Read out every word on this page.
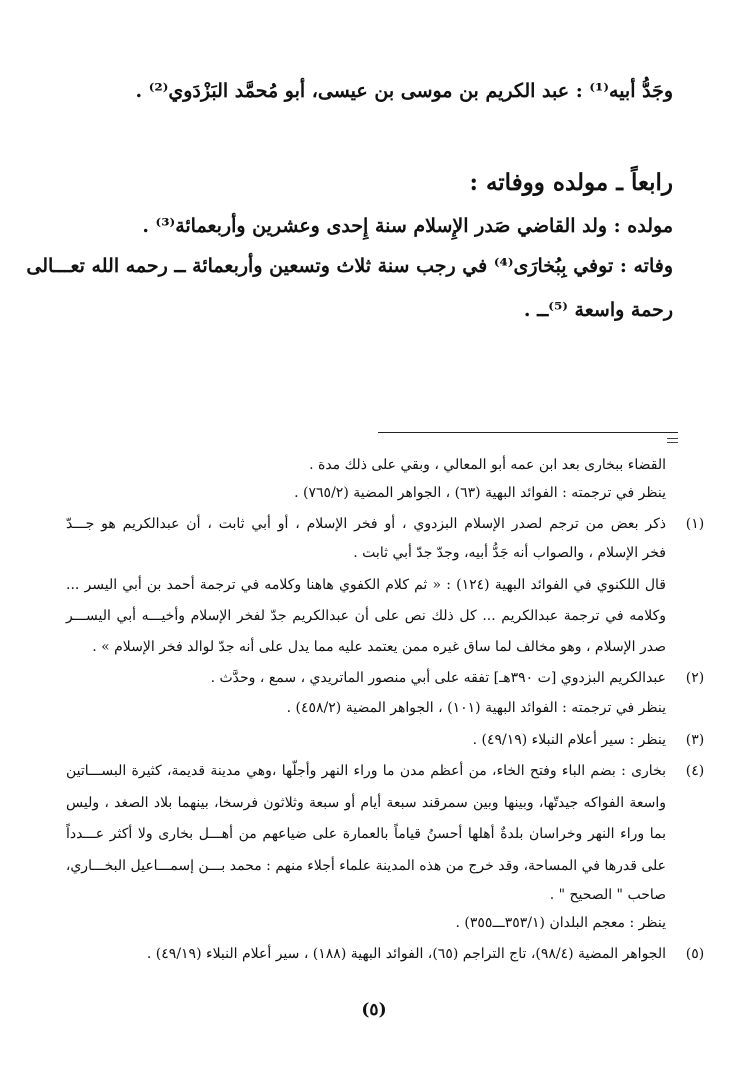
وجَدُّ أبيه⁽¹⁾ : عبد الكريم بن موسى بن عيسى، أبو مُحمَّد البَزْدَوي⁽²⁾ .
رابعاً ـ مولده ووفاته :
مولده : ولد القاضي صَدر الإِسلام سنة إِحدى وعشرين وأربعمائة⁽³⁾ .
وفاته : توفي بِبُخارَى⁽⁴⁾ في رجب سنة ثلاث وتسعين وأربعمائة ــ رحمه الله تعـــالى
رحمة واسعة ⁽⁵⁾ــ .
القضاء ببخارى بعد ابن عمه أبو المعالي ، وبقي على ذلك مدة .
ينظر في ترجمته : الفوائد البهية (٦٣) ، الجواهر المضية (٧٦٥/٢) .
(١)
ذكر بعض من ترجم لصدر الإسلام البزدوي ، أو فخر الإسلام ، أو أبي ثابت ، أن عبدالكريم هو جـــدّ
فخر الإسلام ، والصواب أنه جَدُّ أبيه، وجدّ جدّ أبي ثابت .
قال اللكنوي في الفوائد البهية (١٢٤) : « ثم كلام الكفوي هاهنا وكلامه في ترجمة أحمد بن أبي اليسر ...
وكلامه في ترجمة عبدالكريم ... كل ذلك نص على أن عبدالكريم جدّ لفخر الإسلام وأخيـــه أبي اليســـر
صدر الإسلام ، وهو مخالف لما ساق غيره ممن يعتمد عليه مما يدل على أنه جدّ لوالد فخر الإسلام » .
(٢)
عبدالكريم البزدوي [ت ٣٩٠هـ] تفقه على أبي منصور الماتريدي ، سمع ، وحدَّث .
ينظر في ترجمته : الفوائد البهية (١٠١) ، الجواهر المضية (٤٥٨/٢) .
(٣)
ينظر : سير أعلام النبلاء (٤٩/١٩) .
(٤)
بخارى : بضم الباء وفتح الخاء، من أعظم مدن ما وراء النهر وأجلّها ،وهي مدينة قديمة، كثيرة البســـاتين
واسعة الفواكه جيدتّها، وبينها وبين سمرقند سبعة أيام أو سبعة وثلاثون فرسخا، بينهما بلاد الصغد ، وليس
بما وراء النهر وخراسان بلدةٌ أهلها أحسنُ قياماً بالعمارة على ضياعهم من أهـــل بخارى ولا أكثر عـــدداً
على قدرها في المساحة، وقد خرج من هذه المدينة علماء أجلاء منهم : محمد بـــن إسمـــاعيل البخـــاري،
صاحب " الصحيح " .
ينظر : معجم البلدان (٣٥٣/١ـــ٣٥٥) .
(٥)
الجواهر المضية (٩٨/٤)، تاج التراجم (٦٥)، الفوائد البهية (١٨٨) ، سير أعلام النبلاء (٤٩/١٩) .
(٥)
